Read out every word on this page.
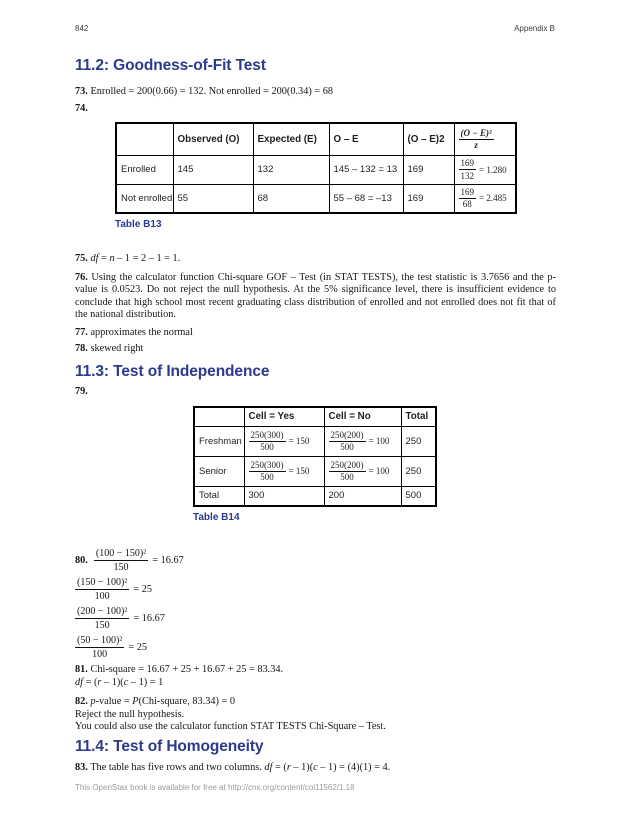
842	Appendix B
11.2: Goodness-of-Fit Test

73. Enrolled = 200(0.66) = 132. Not enrolled = 200(0.34) = 68

74.

	Observed (O)	Expected (E)	O – E	(O – E)2	$\frac{\text{(O − E)²}}{z}$

Enrolled	145	132	145 – 132 = 13	169	$\frac{169}{132} = 1.280$

Not enrolled	55	68	55 – 68 = –13	169	$\frac{169}{68} = 2.485$

Table B13

75. df = n – 1 = 2 – 1 = 1.

76. Using the calculator function Chi-square GOF – Test (in STAT TESTS), the test statistic is 3.7656 and the p-value is 0.0523. Do not reject the null hypothesis. At the 5% significance level, there is insufficient evidence to conclude that high school most recent graduating class distribution of enrolled and not enrolled does not fit that of the national distribution.

77. approximates the normal

78. skewed right

11.3: Test of Independence

79.

	Cell = Yes	Cell = No	Total
Freshman	$\frac{250(300)}{500} = 150$	$\frac{250(200)}{500} = 100$	250
Senior	$\frac{250(300)}{500} = 150$	$\frac{250(200)}{500} = 100$	250
Total	300	200	500

Table B14

80. $\frac{\text{(100 − 150)²}}{150} = 16.67$
$\frac{\text{(150 − 100)²}}{100} = 25$
$\frac{\text{(200 − 100)²}}{150} = 16.67$
$\frac{\text{(50 − 100)²}}{100} = 25$

81. Chi-square = 16.67 + 25 + 16.67 + 25 = 83.34.

df = (r – 1)(c – 1) = 1

82. p-value = P(Chi-square, 83.34) = 0

Reject the null hypothesis.

You could also use the calculator function STAT TESTS Chi-Square – Test.

11.4: Test of Homogeneity

83. The table has five rows and two columns. df = (r – 1)(c – 1) = (4)(1) = 4.

This OpenStax book is available for free at http://cnx.org/content/col11562/1.18
